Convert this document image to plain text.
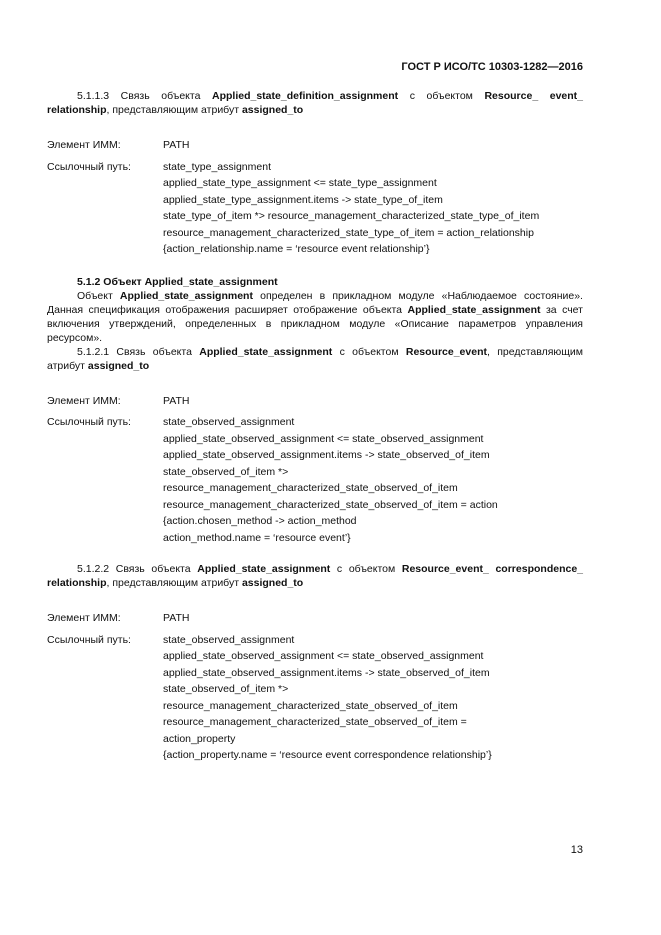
ГОСТ Р ИСО/ТС 10303-1282—2016

5.1.1.3 Связь объекта Applied_state_definition_assignment с объектом Resource_ event_ relationship, представляющим атрибут assigned_to

Элемент ИММ:	PATH
Ссылочный путь:	state_type_assignment
applied_state_type_assignment <= state_type_assignment
applied_state_type_assignment.items -> state_type_of_item
state_type_of_item *> resource_management_characterized_state_type_of_item
resource_management_characterized_state_type_of_item = action_relationship
{action_relationship.name = ‘resource event relationship’}

5.1.2 Объект Applied_state_assignment

Объект Applied_state_assignment определен в прикладном модуле «Наблюдаемое состояние». Данная спецификация отображения расширяет отображение объекта Applied_state_assignment за счет включения утверждений, определенных в прикладном модуле «Описание параметров управления ресурсом».

5.1.2.1 Связь объекта Applied_state_assignment с объектом Resource_event, представляющим атрибут assigned_to

Элемент ИММ:	PATH
Ссылочный путь:	state_observed_assignment
applied_state_observed_assignment <= state_observed_assignment
applied_state_observed_assignment.items -> state_observed_of_item
state_observed_of_item *>
resource_management_characterized_state_observed_of_item
resource_management_characterized_state_observed_of_item = action
{action.chosen_method -> action_method
action_method.name = ‘resource event’}

5.1.2.2 Связь объекта Applied_state_assignment с объектом Resource_event_ correspondence_ relationship, представляющим атрибут assigned_to

Элемент ИММ:	PATH
Ссылочный путь:	state_observed_assignment
applied_state_observed_assignment <= state_observed_assignment
applied_state_observed_assignment.items -> state_observed_of_item
state_observed_of_item *>
resource_management_characterized_state_observed_of_item
resource_management_characterized_state_observed_of_item =
action_property
{action_property.name = ‘resource event correspondence relationship’}
13
